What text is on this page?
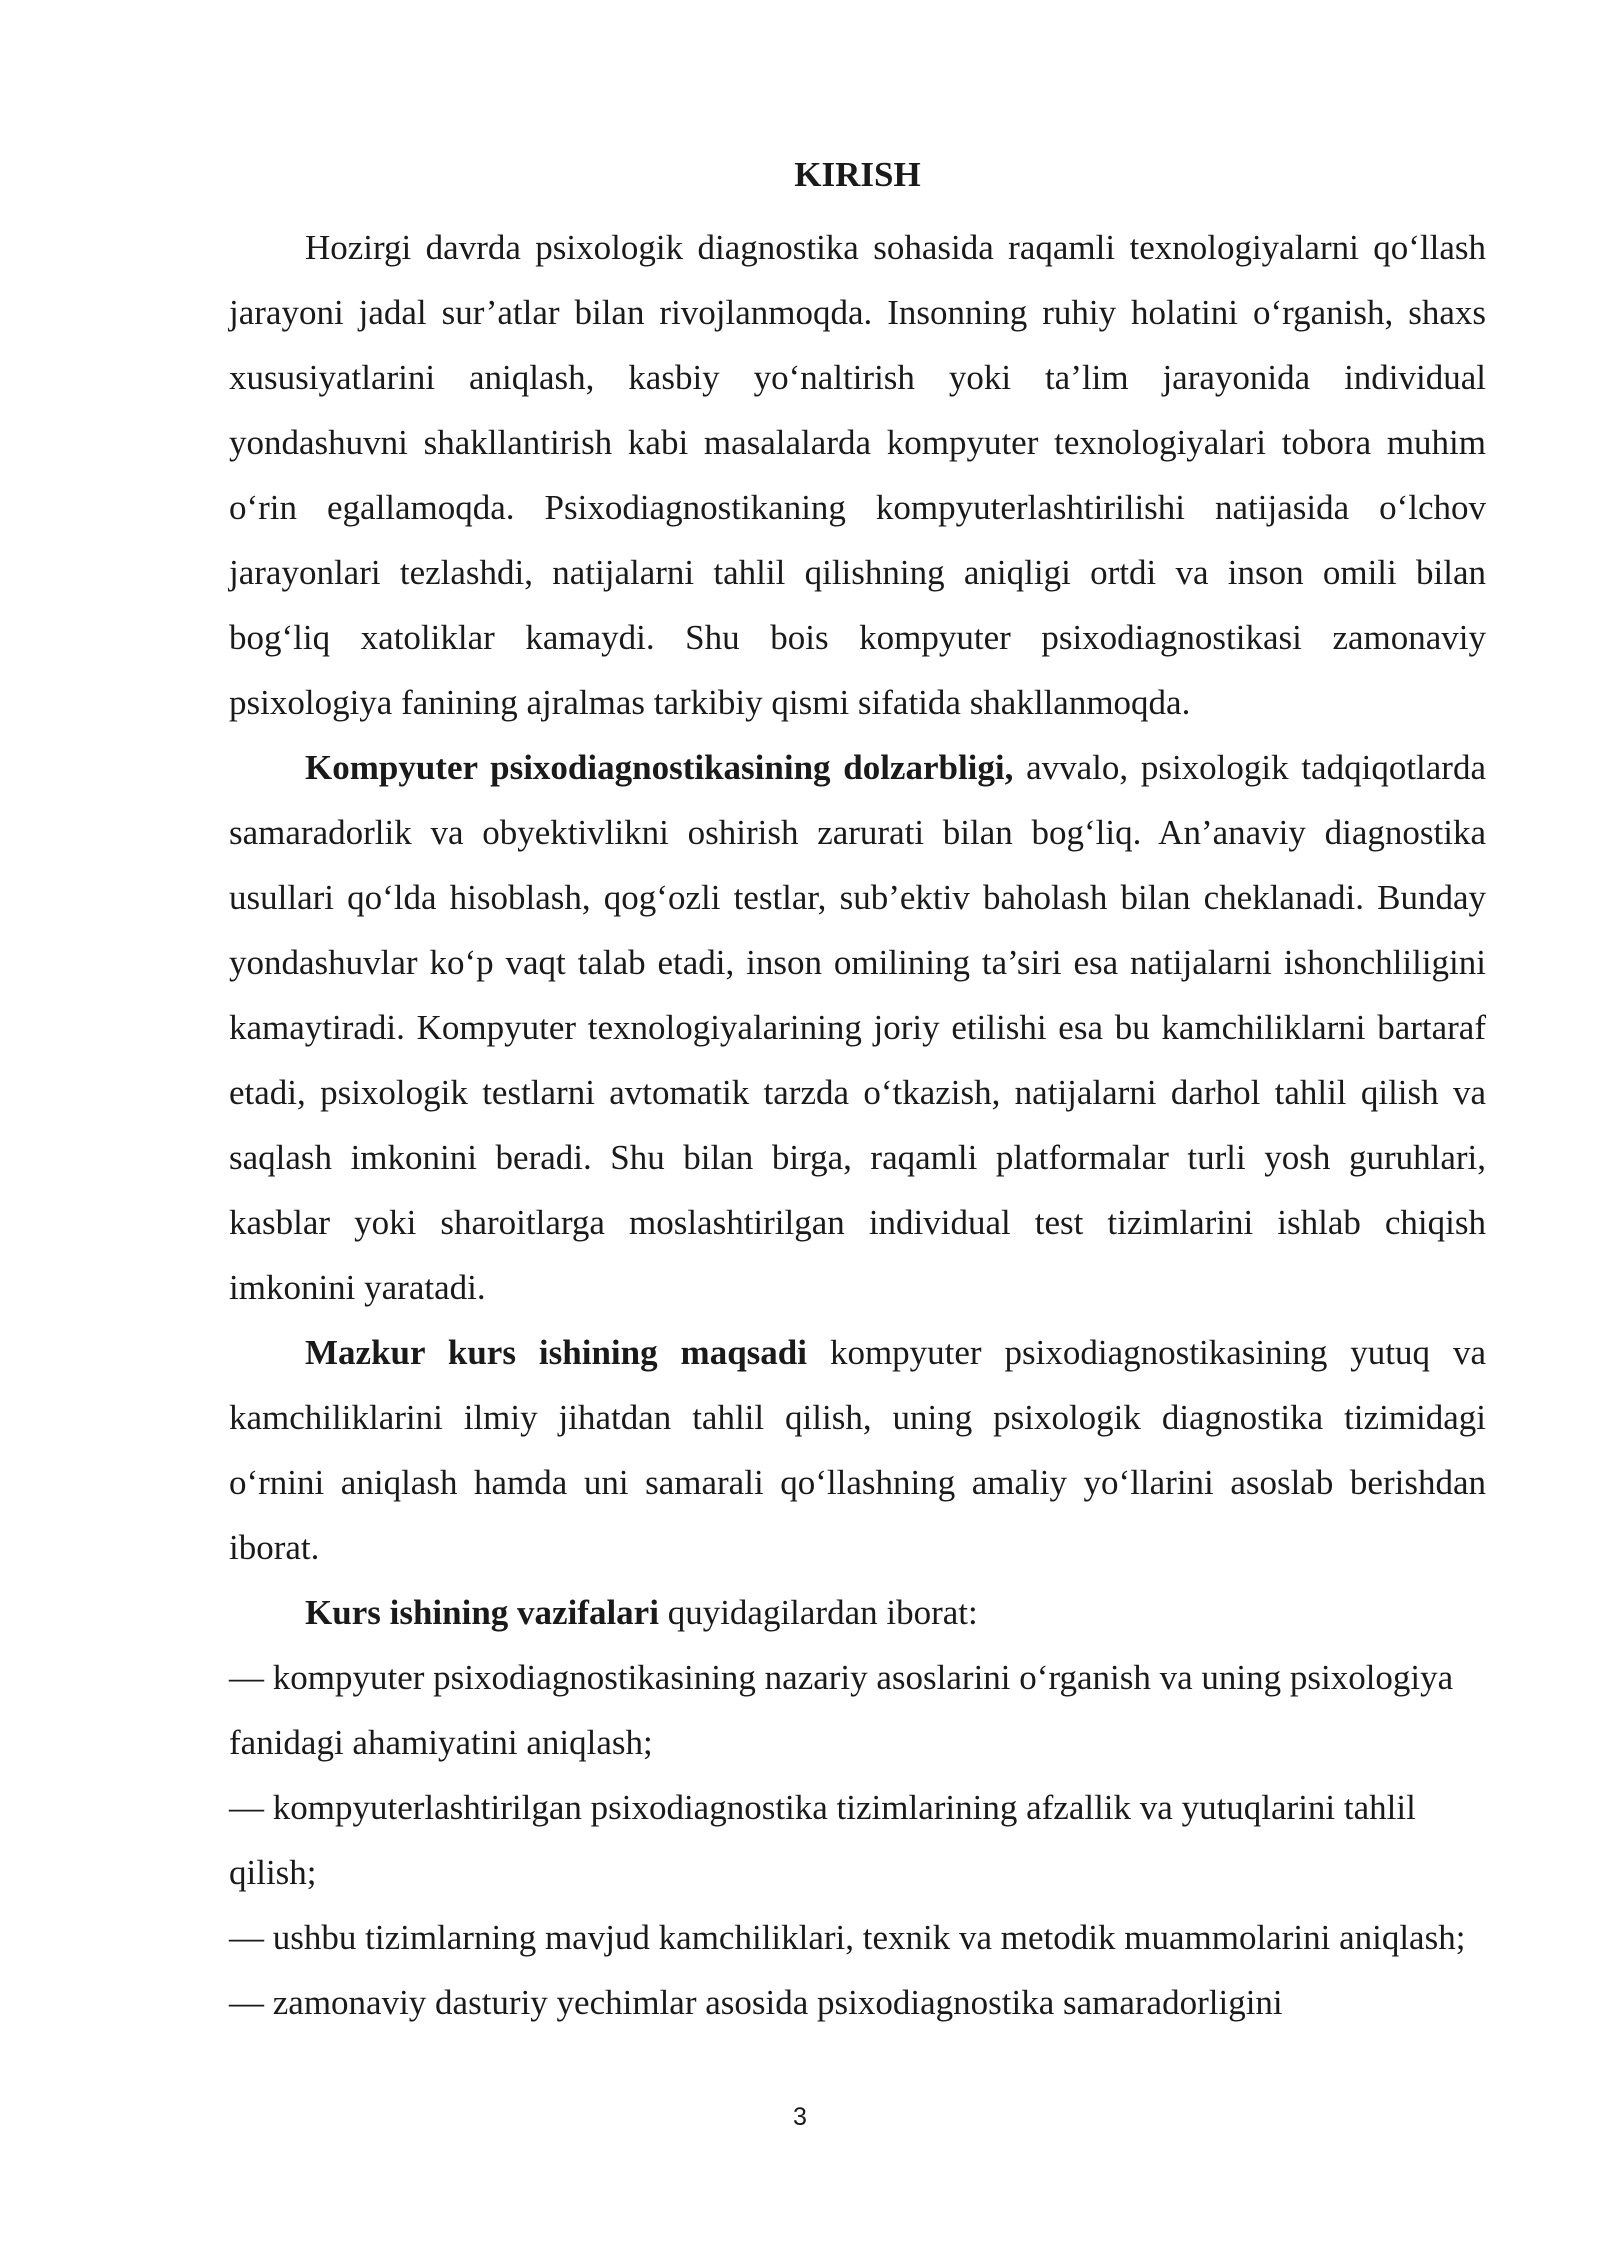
KIRISH

Hozirgi davrda psixologik diagnostika sohasida raqamli texnologiyalarni qo‘llash jarayoni jadal sur’atlar bilan rivojlanmoqda. Insonning ruhiy holatini o‘rganish, shaxs xususiyatlarini aniqlash, kasbiy yo‘naltirish yoki ta’lim jarayonida individual yondashuvni shakllantirish kabi masalalarda kompyuter texnologiyalari tobora muhim o‘rin egallamoqda. Psixodiagnostikaning kompyuterlashtirilishi natijasida o‘lchov jarayonlari tezlashdi, natijalarni tahlil qilishning aniqligi ortdi va inson omili bilan bog‘liq xatoliklar kamaydi. Shu bois kompyuter psixodiagnostikasi zamonaviy psixologiya fanining ajralmas tarkibiy qismi sifatida shakllanmoqda.

Kompyuter psixodiagnostikasining dolzarbligi, avvalo, psixologik tadqiqotlarda samaradorlik va obyektivlikni oshirish zarurati bilan bog‘liq. An’anaviy diagnostika usullari qo‘lda hisoblash, qog‘ozli testlar, sub’ektiv baholash bilan cheklanadi. Bunday yondashuvlar ko‘p vaqt talab etadi, inson omilining ta’siri esa natijalarni ishonchliligini kamaytiradi. Kompyuter texnologiyalarining joriy etilishi esa bu kamchiliklarni bartaraf etadi, psixologik testlarni avtomatik tarzda o‘tkazish, natijalarni darhol tahlil qilish va saqlash imkonini beradi. Shu bilan birga, raqamli platformalar turli yosh guruhlari, kasblar yoki sharoitlarga moslashtirilgan individual test tizimlarini ishlab chiqish imkonini yaratadi.

Mazkur kurs ishining maqsadi kompyuter psixodiagnostikasining yutuq va kamchiliklarini ilmiy jihatdan tahlil qilish, uning psixologik diagnostika tizimidagi o‘rnini aniqlash hamda uni samarali qo‘llashning amaliy yo‘llarini asoslab berishdan iborat.

Kurs ishining vazifalari quyidagilardan iborat:

— kompyuter psixodiagnostikasining nazariy asoslarini o‘rganish va uning psixologiya fanidagi ahamiyatini aniqlash;

— kompyuterlashtirilgan psixodiagnostika tizimlarining afzallik va yutuqlarini tahlil qilish;

— ushbu tizimlarning mavjud kamchiliklari, texnik va metodik muammolarini aniqlash;

— zamonaviy dasturiy yechimlar asosida psixodiagnostika samaradorligini

3
